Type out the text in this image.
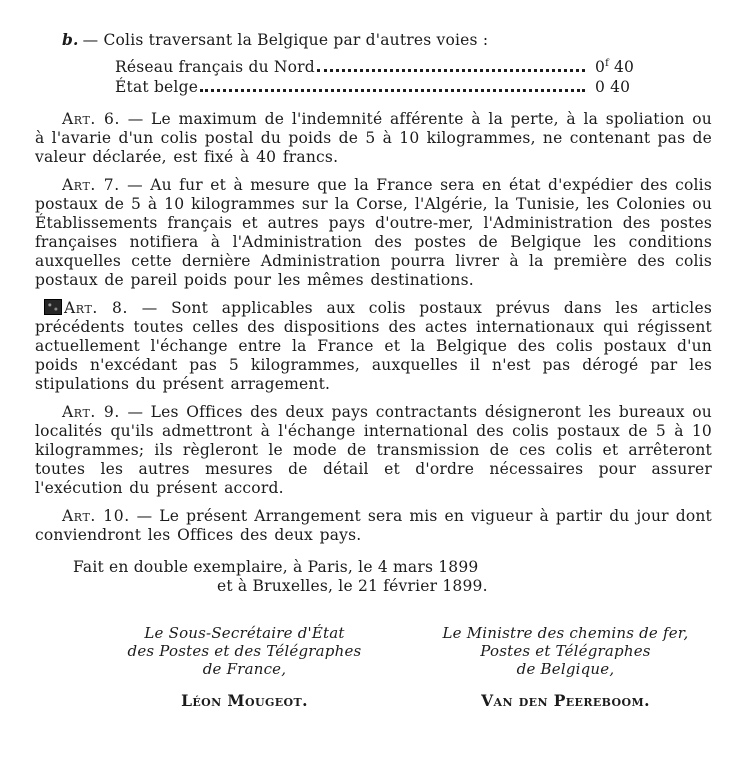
b. — Colis traversant la Belgique par d'autres voies :

Réseau français du Nord	0$^f$ 40
État belge	0 40

Art. 6. — Le maximum de l'indemnité afférente à la perte, à la spoliation ou à l'avarie d'un colis postal du poids de 5 à 10 kilogrammes, ne contenant pas de valeur déclarée, est fixé à 40 francs.

Art. 7. — Au fur et à mesure que la France sera en état d'expédier des colis postaux de 5 à 10 kilogrammes sur la Corse, l'Algérie, la Tunisie, les Colonies ou Établissements français et autres pays d'outre-mer, l'Administration des postes françaises notifiera à l'Administration des postes de Belgique les conditions auxquelles cette dernière Administration pourra livrer à la première des colis postaux de pareil poids pour les mêmes destinations.

Art. 8. — Sont applicables aux colis postaux prévus dans les articles précédents toutes celles des dispositions des actes internationaux qui régissent actuellement l'échange entre la France et la Belgique des colis postaux d'un poids n'excédant pas 5 kilogrammes, auxquelles il n'est pas dérogé par les stipulations du présent arragement.

Art. 9. — Les Offices des deux pays contractants désigneront les bureaux ou localités qu'ils admettront à l'échange international des colis postaux de 5 à 10 kilogrammes; ils règleront le mode de transmission de ces colis et arrêteront toutes les autres mesures de détail et d'ordre nécessaires pour assurer l'exécution du présent accord.

Art. 10. — Le présent Arrangement sera mis en vigueur à partir du jour dont conviendront les Offices des deux pays.

Fait en double exemplaire, à Paris, le 4 mars 1899

et à Bruxelles, le 21 février 1899.

Le Sous-Secrétaire d'État
des Postes et des Télégraphes
de France,
Léon Mougeot.
Le Ministre des chemins de fer,
Postes et Télégraphes
de Belgique,
Van den Peereboom.
